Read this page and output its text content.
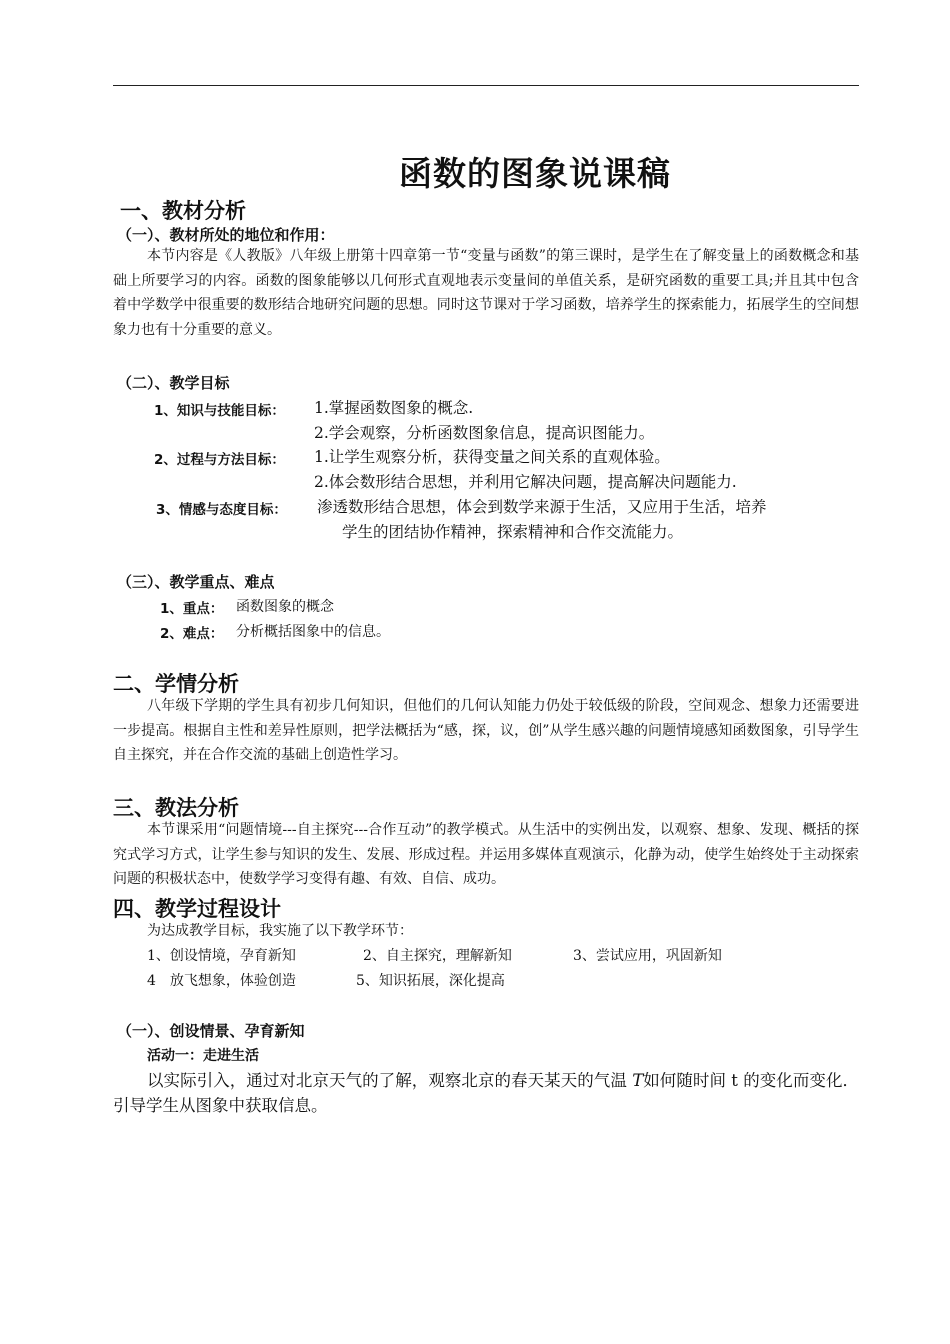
函数的图象说课稿
一、教材分析
（一）、教材所处的地位和作用：
本节内容是《人教版》八年级上册第十四章第一节“变量与函数”的第三课时，是学生在了解变量上的函数概念和基础上所要学习的内容。函数的图象能够以几何形式直观地表示变量间的单值关系，是研究函数的重要工具;并且其中包含着中学数学中很重要的数形结合地研究问题的思想。同时这节课对于学习函数，培养学生的探索能力，拓展学生的空间想象力也有十分重要的意义。
（二）、教学目标
1、知识与技能目标： 1.掌握函数图象的概念.
2.学会观察，分析函数图象信息，提高识图能力。
2、过程与方法目标： 1.让学生观察分析，获得变量之间关系的直观体验。
2.体会数形结合思想，并利用它解决问题，提高解决问题能力.
3、情感与态度目标： 渗透数形结合思想，体会到数学来源于生活，又应用于生活，培养
学生的团结协作精神，探索精神和合作交流能力。
（三）、教学重点、难点
1、重点： 函数图象的概念
2、难点： 分析概括图象中的信息。
二、学情分析
八年级下学期的学生具有初步几何知识，但他们的几何认知能力仍处于较低级的阶段，空间观念、想象力还需要进一步提高。根据自主性和差异性原则，把学法概括为“感，探，议，创”从学生感兴趣的问题情境感知函数图象，引导学生自主探究，并在合作交流的基础上创造性学习。
三、教法分析
本节课采用“问题情境---自主探究---合作互动”的教学模式。从生活中的实例出发，以观察、想象、发现、概括的探究式学习方式，让学生参与知识的发生、发展、形成过程。并运用多媒体直观演示，化静为动，使学生始终处于主动探索问题的积极状态中，使数学学习变得有趣、有效、自信、成功。
四、教学过程设计
为达成教学目标，我实施了以下教学环节：
1、创设情境，孕育新知	2、自主探究，理解新知	3、尝试应用，巩固新知
4　放飞想象，体验创造	5、知识拓展，深化提高
（一）、创设情景、孕育新知
活动一：走进生活
以实际引入，通过对北京天气的了解，观察北京的春天某天的气温 T如何随时间 t 的变化而变化．引导学生从图象中获取信息。
